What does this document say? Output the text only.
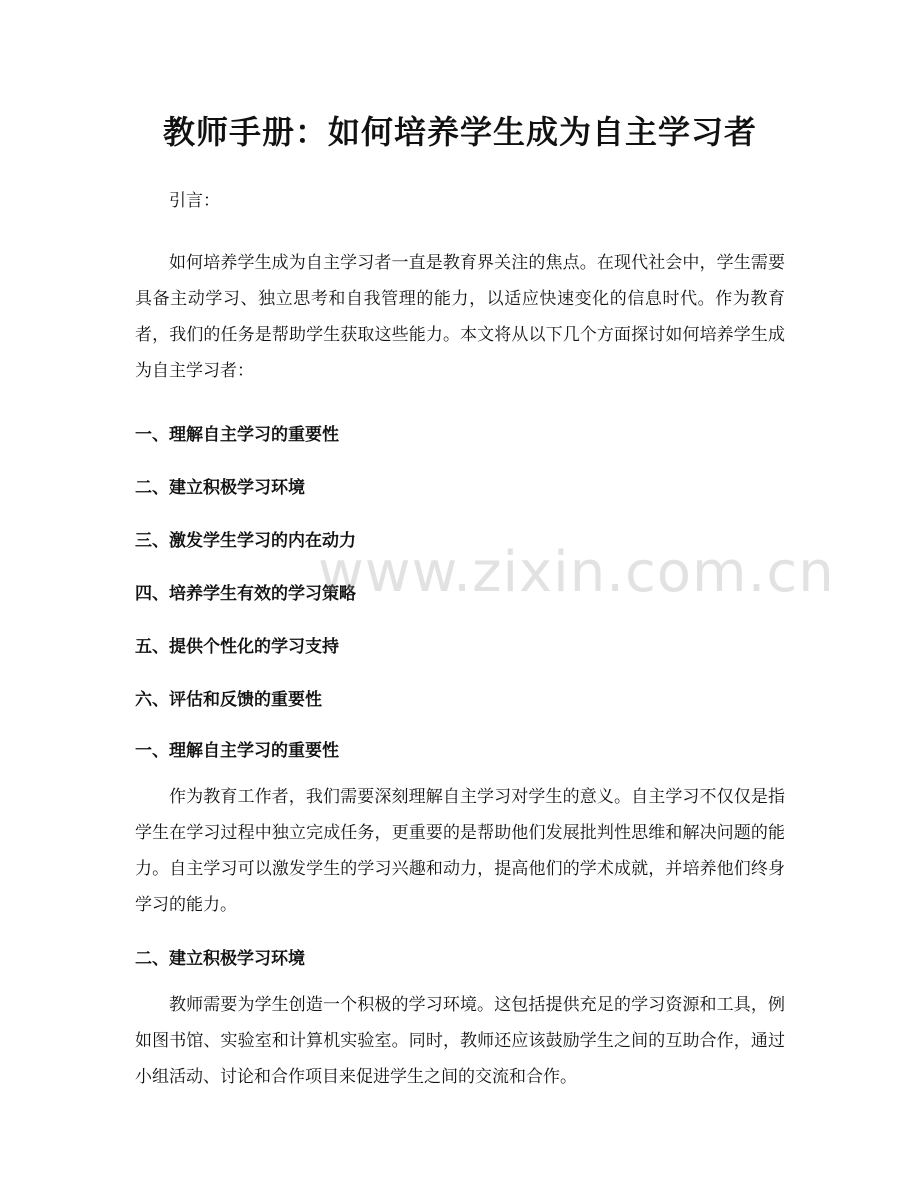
教师手册：如何培养学生成为自主学习者

引言：

如何培养学生成为自主学习者一直是教育界关注的焦点。在现代社会中，学生需要具备主动学习、独立思考和自我管理的能力，以适应快速变化的信息时代。作为教育者，我们的任务是帮助学生获取这些能力。本文将从以下几个方面探讨如何培养学生成为自主学习者：

一、理解自主学习的重要性

二、建立积极学习环境

三、激发学生学习的内在动力

四、培养学生有效的学习策略

五、提供个性化的学习支持

六、评估和反馈的重要性

一、理解自主学习的重要性

作为教育工作者，我们需要深刻理解自主学习对学生的意义。自主学习不仅仅是指学生在学习过程中独立完成任务，更重要的是帮助他们发展批判性思维和解决问题的能力。自主学习可以激发学生的学习兴趣和动力，提高他们的学术成就，并培养他们终身学习的能力。

二、建立积极学习环境

教师需要为学生创造一个积极的学习环境。这包括提供充足的学习资源和工具，例如图书馆、实验室和计算机实验室。同时，教师还应该鼓励学生之间的互助合作，通过小组活动、讨论和合作项目来促进学生之间的交流和合作。

www.zixin.com.cn
